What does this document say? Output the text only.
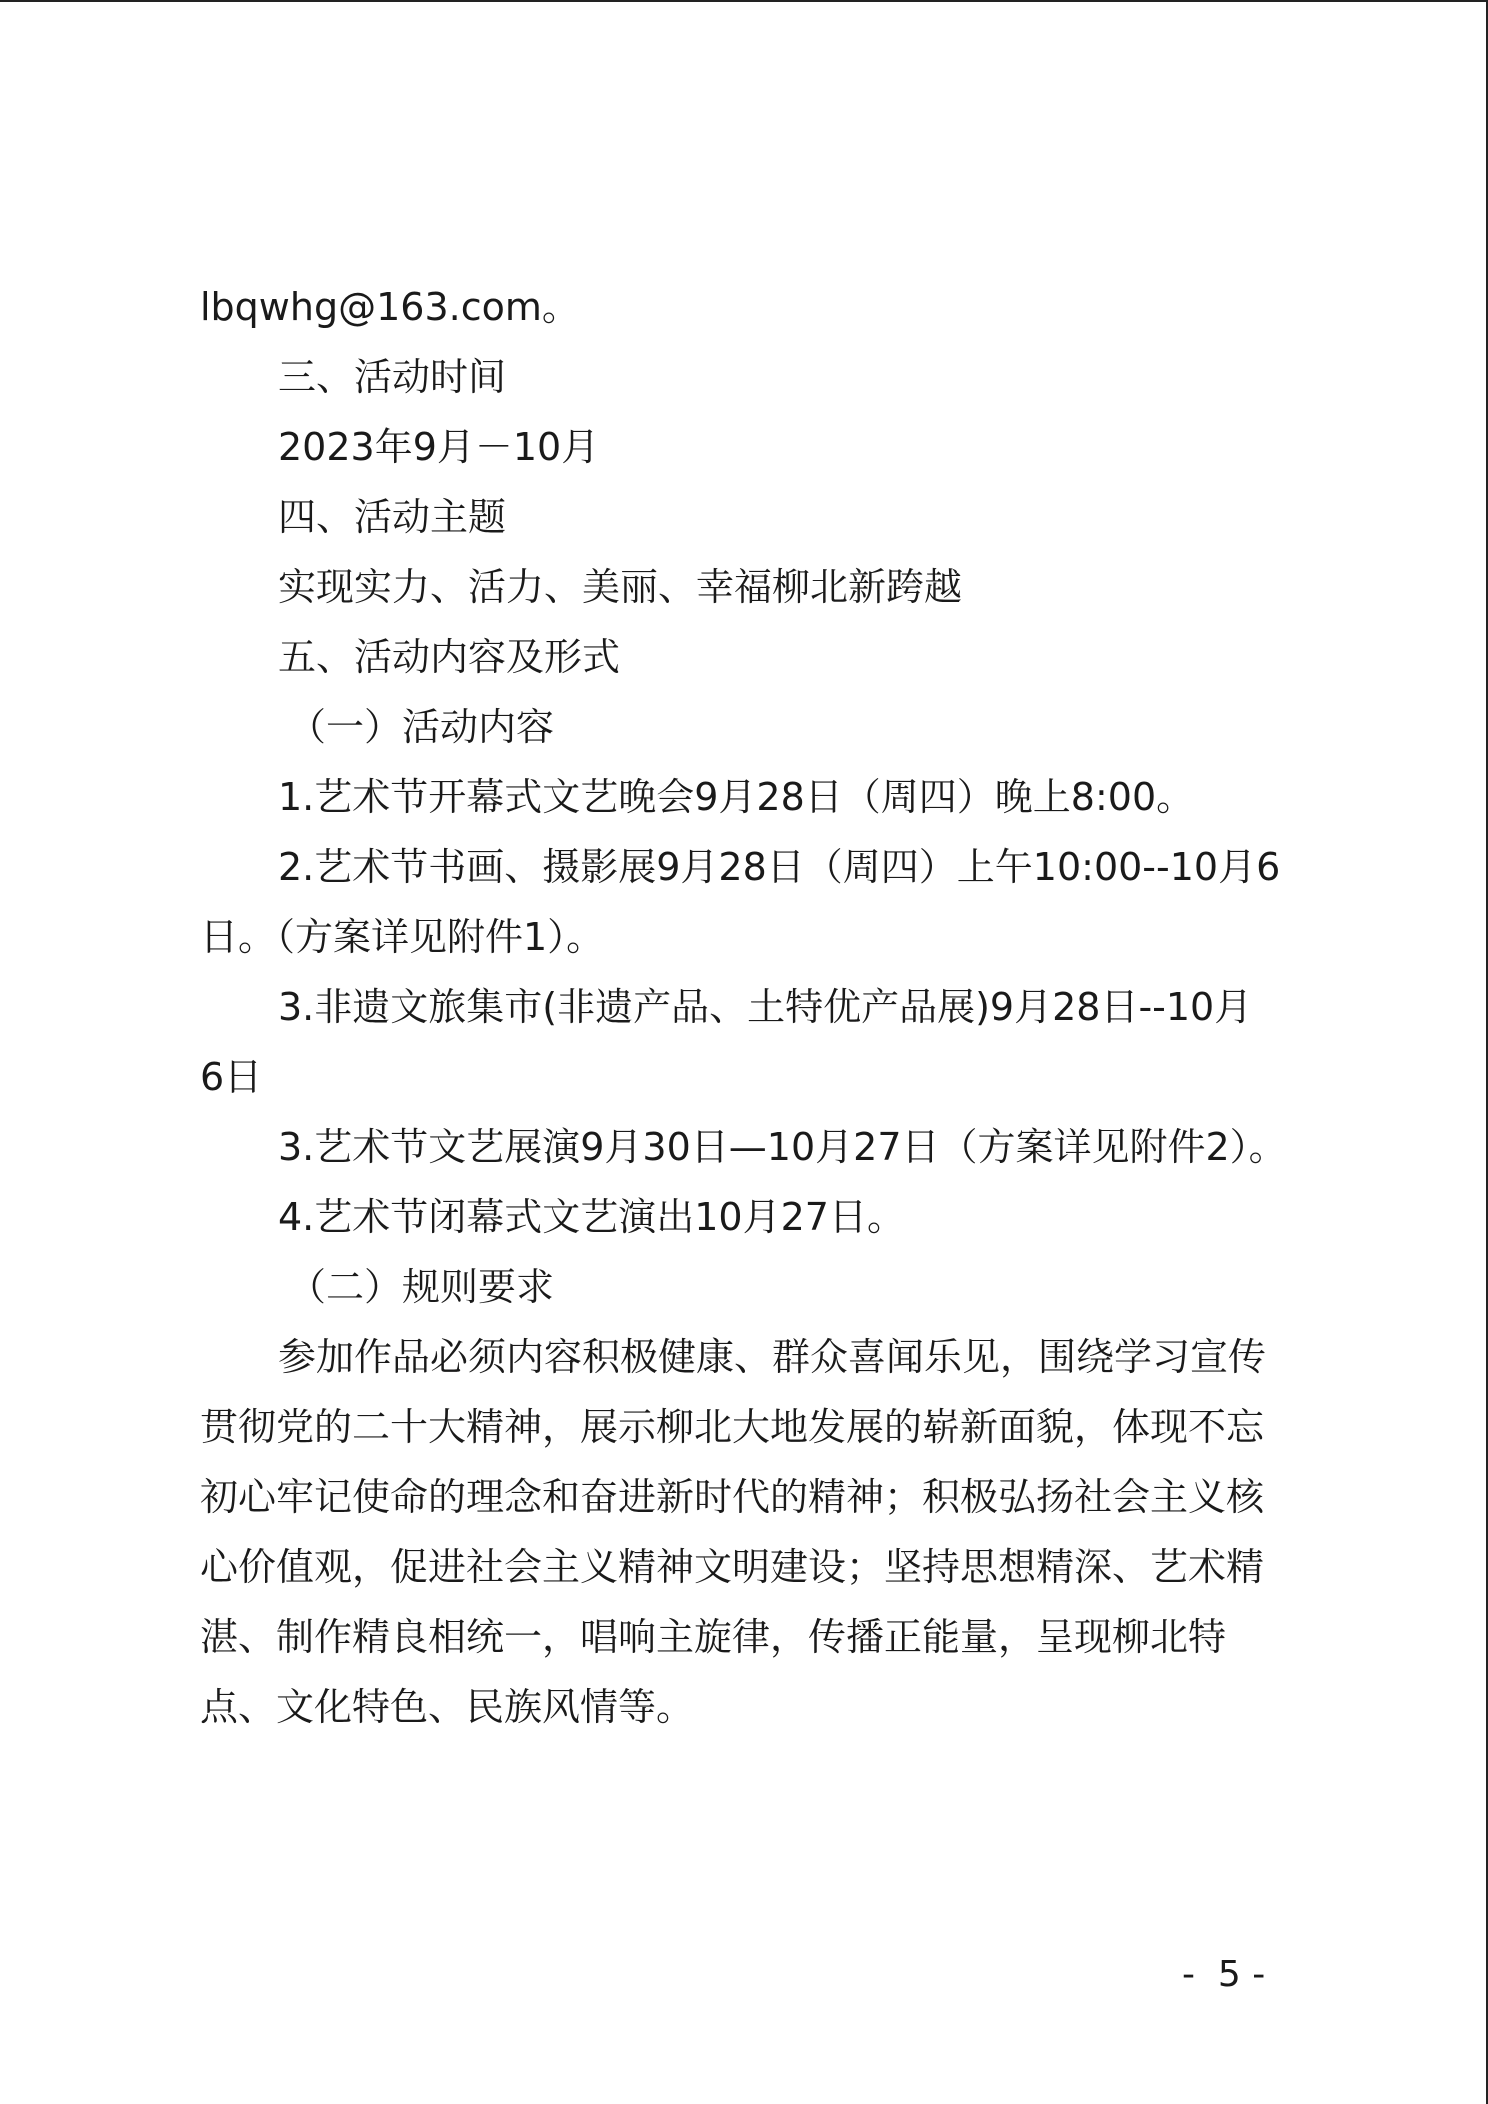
lbqwhg@163.com。
三、活动时间
2023年9月－10月
四、活动主题
实现实力、活力、美丽、幸福柳北新跨越
五、活动内容及形式
（一）活动内容
1.艺术节开幕式文艺晚会9月28日（周四）晚上8:00。
2.艺术节书画、摄影展9月28日（周四）上午10:00--10月6
日。（方案详见附件1）。
3.非遗文旅集市(非遗产品、土特优产品展)9月28日--10月
6日
3.艺术节文艺展演9月30日—10月27日（方案详见附件2）。
4.艺术节闭幕式文艺演出10月27日。
（二）规则要求
参加作品必须内容积极健康、群众喜闻乐见，围绕学习宣传
贯彻党的二十大精神，展示柳北大地发展的崭新面貌，体现不忘
初心牢记使命的理念和奋进新时代的精神；积极弘扬社会主义核
心价值观，促进社会主义精神文明建设；坚持思想精深、艺术精
湛、制作精良相统一，唱响主旋律，传播正能量，呈现柳北特
点、文化特色、民族风情等。
-  5 -
